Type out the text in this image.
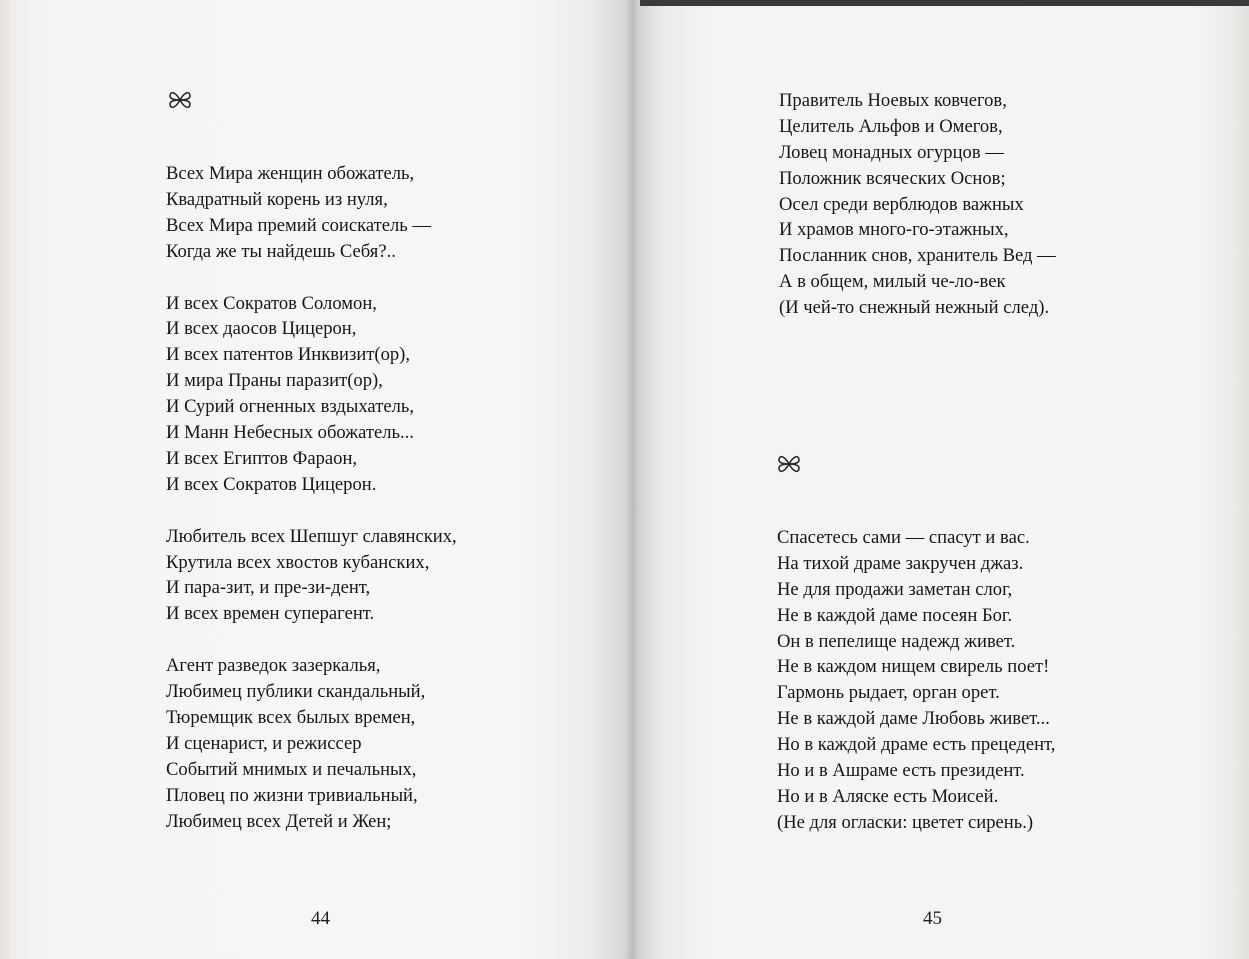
Всех Мира женщин обожатель,
Квадратный корень из нуля,
Всех Мира премий соискатель —
Когда же ты найдешь Себя?..
И всех Сократов Соломон,
И всех даосов Цицерон,
И всех патентов Инквизит(ор),
И мира Праны паразит(ор),
И Сурий огненных вздыхатель,
И Манн Небесных обожатель...
И всех Египтов Фараон,
И всех Сократов Цицерон.
Любитель всех Шепшуг славянских,
Крутила всех хвостов кубанских,
И пара-зит, и пре-зи-дент,
И всех времен суперагент.
Агент разведок зазеркалья,
Любимец публики скандальный,
Тюремщик всех былых времен,
И сценарист, и режиссер
Событий мнимых и печальных,
Пловец по жизни тривиальный,
Любимец всех Детей и Жен;
44
Правитель Ноевых ковчегов,
Целитель Альфов и Омегов,
Ловец монадных огурцов —
Положник всяческих Основ;
Осел среди верблюдов важных
И храмов много-го-этажных,
Посланник снов, хранитель Вед —
А в общем, милый че-ло-век
(И чей-то снежный нежный след).
Спасетесь сами — спасут и вас.
На тихой драме закручен джаз.
Не для продажи заметан слог,
Не в каждой даме посеян Бог.
Он в пепелище надежд живет.
Не в каждом нищем свирель поет!
Гармонь рыдает, орган орет.
Не в каждой даме Любовь живет...
Но в каждой драме есть прецедент,
Но и в Ашраме есть президент.
Но и в Аляске есть Моисей.
(Не для огласки: цветет сирень.)
45
